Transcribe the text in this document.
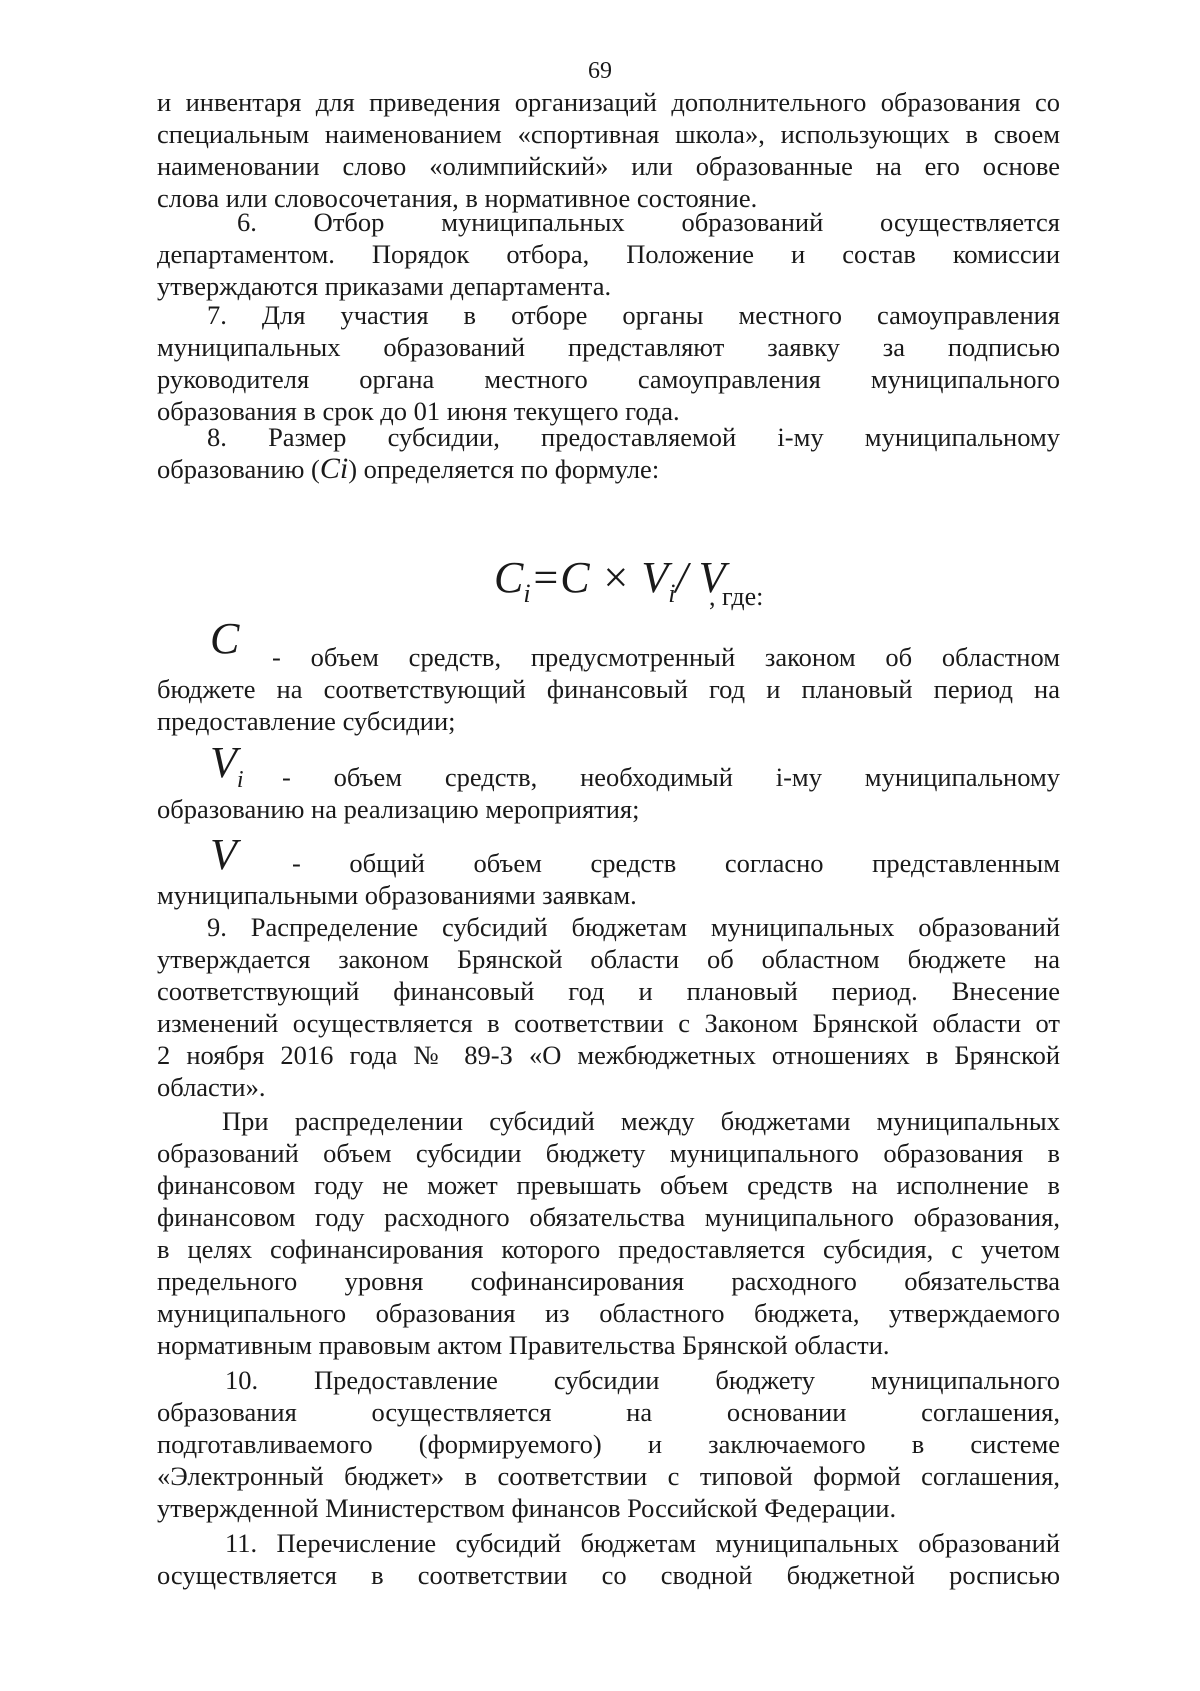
69
и инвентаря для приведения организаций дополнительного образования со
специальным наименованием «спортивная школа», использующих в своем
наименовании слово «олимпийский» или образованные на его основе
слова или словосочетания, в нормативное состояние.
6. Отбор муниципальных образований осуществляется
департаментом. Порядок отбора, Положение и состав комиссии
утверждаются приказами департамента.
7. Для участия в отборе органы местного самоуправления
муниципальных образований представляют заявку за подписью
руководителя органа местного самоуправления муниципального
образования в срок до 01 июня текущего года.
8. Размер субсидии, предоставляемой i-му муниципальному
образованию (Ci) определяется по формуле:
$C_i=C \times V_i/$ V
, где:
C	- объем средств, предусмотренный законом об областном
бюджете на соответствующий финансовый год и плановый период на
предоставление субсидии;
$V_i$	- объем средств, необходимый i-му муниципальному
образованию на реализацию мероприятия;
V	- общий объем средств согласно представленным
муниципальными образованиями заявкам.
9. Распределение субсидий бюджетам муниципальных образований
утверждается законом Брянской области об областном бюджете на
соответствующий финансовый год и плановый период. Внесение
изменений осуществляется в соответствии с Законом Брянской области от
2 ноября 2016 года № 89-З «О межбюджетных отношениях в Брянской
области».
При распределении субсидий между бюджетами муниципальных
образований объем субсидии бюджету муниципального образования в
финансовом году не может превышать объем средств на исполнение в
финансовом году расходного обязательства муниципального образования,
в целях софинансирования которого предоставляется субсидия, с учетом
предельного уровня софинансирования расходного обязательства
муниципального образования из областного бюджета, утверждаемого
нормативным правовым актом Правительства Брянской области.
10. Предоставление субсидии бюджету муниципального
образования осуществляется на основании соглашения,
подготавливаемого (формируемого) и заключаемого в системе
«Электронный бюджет» в соответствии с типовой формой соглашения,
утвержденной Министерством финансов Российской Федерации.
11. Перечисление субсидий бюджетам муниципальных образований
осуществляется в соответствии со сводной бюджетной росписью
